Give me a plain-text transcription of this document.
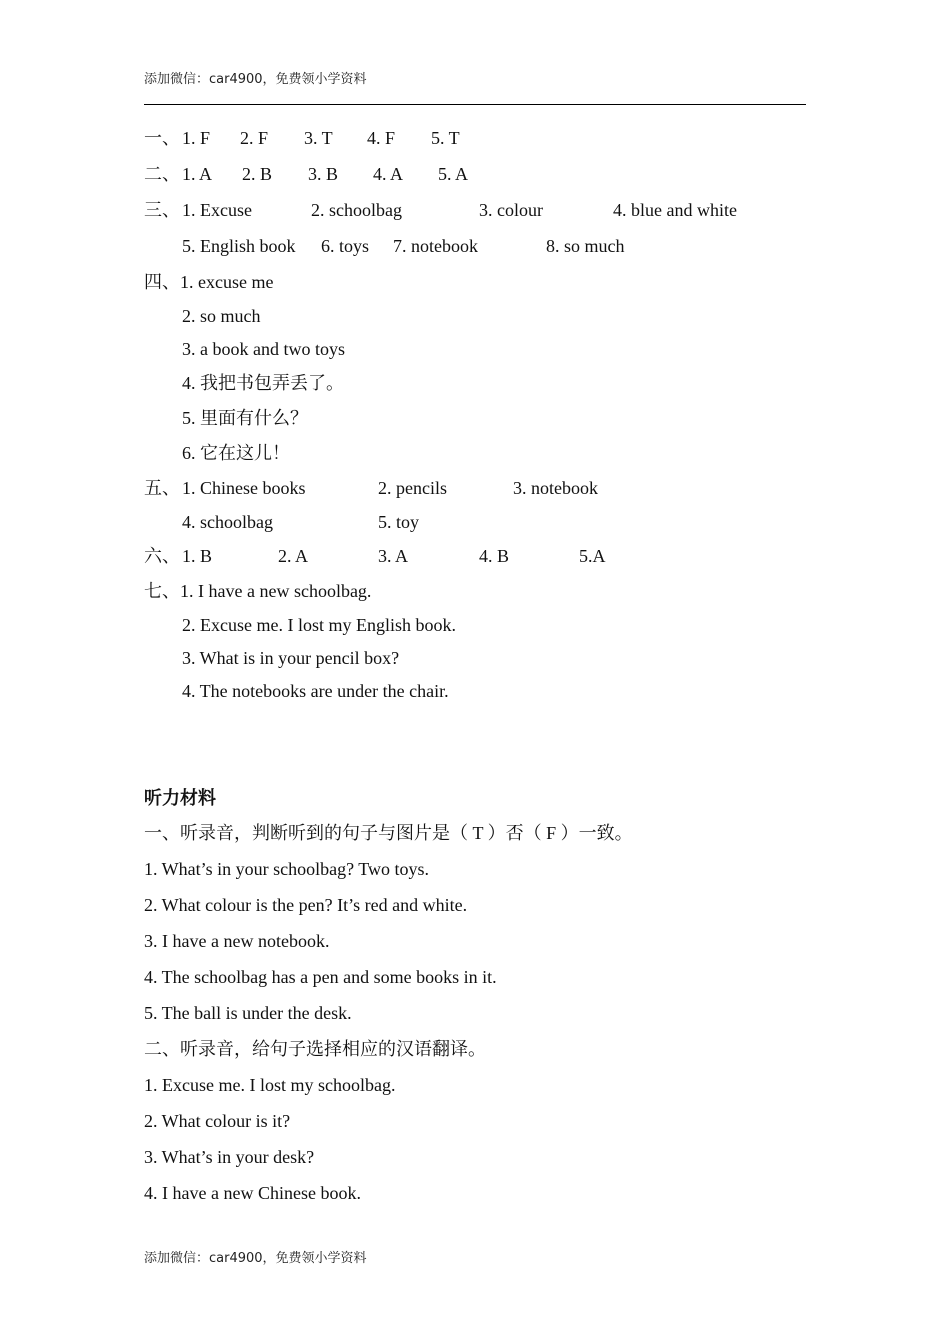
添加微信：car4900，免费领小学资料
一、 1. F 2. F 3. T 4. F 5. T
二、 1. A 2. B 3. B 4. A 5. A
三、 1. Excuse	2. schoolbag	3. colour	4. blue and white
5. English book 6. toys 7. notebook	8. so much
四、1. excuse me
2. so much
3. a book and two toys
4. 我把书包弄丢了。
5. 里面有什么？
6. 它在这儿！
五、 1. Chinese books	2. pencils	3. notebook
4. schoolbag	5. toy
六、 1. B	2. A	3. A	4. B	5.A
七、1. I have a new schoolbag.
2. Excuse me. I lost my English book.
3. What is in your pencil box?
4. The notebooks are under the chair.
听力材料
一、听录音，判断听到的句子与图片是（ T ）否（ F ）一致。
1. What’s in your schoolbag? Two toys.
2. What colour is the pen? It’s red and white.
3. I have a new notebook.
4. The schoolbag has a pen and some books in it.
5. The ball is under the desk.
二、听录音，给句子选择相应的汉语翻译。
1. Excuse me. I lost my schoolbag.
2. What colour is it?
3. What’s in your desk?
4. I have a new Chinese book.
添加微信：car4900，免费领小学资料
